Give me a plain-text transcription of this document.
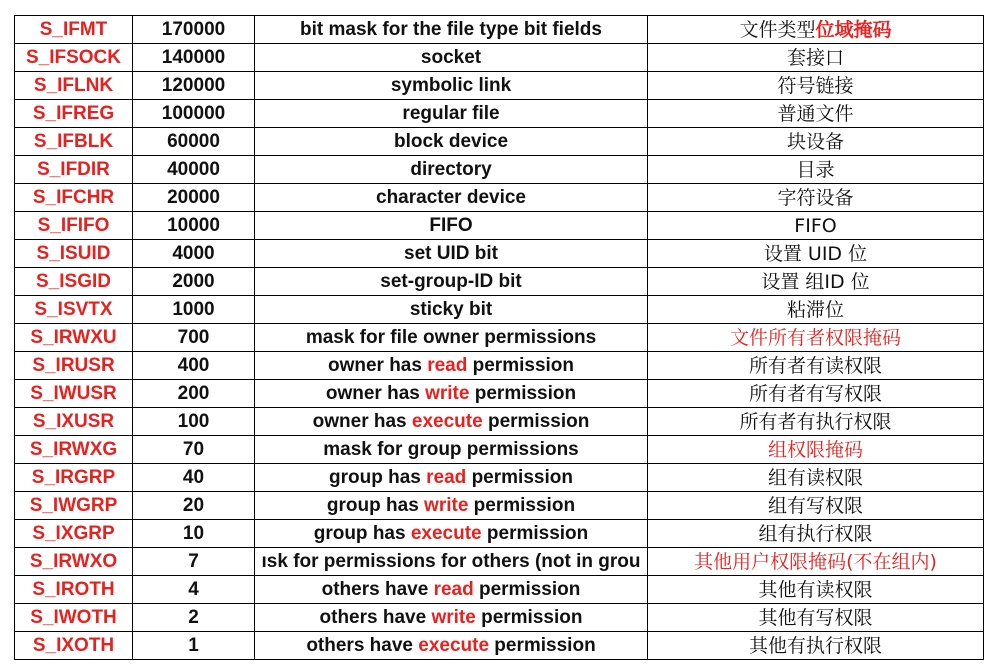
S_IFMT	170000	bit mask for the file type bit fields	文件类型位域掩码
S_IFSOCK	140000	socket	套接口
S_IFLNK	120000	symbolic link	符号链接
S_IFREG	100000	regular file	普通文件
S_IFBLK	60000	block device	块设备
S_IFDIR	40000	directory	目录
S_IFCHR	20000	character device	字符设备
S_IFIFO	10000	FIFO	FIFO
S_ISUID	4000	set UID bit	设置 UID 位
S_ISGID	2000	set-group-ID bit	设置 组ID 位
S_ISVTX	1000	sticky bit	粘滞位
S_IRWXU	700	mask for file owner permissions	文件所有者权限掩码
S_IRUSR	400	owner has read permission	所有者有读权限
S_IWUSR	200	owner has write permission	所有者有写权限
S_IXUSR	100	owner has execute permission	所有者有执行权限
S_IRWXG	70	mask for group permissions	组权限掩码
S_IRGRP	40	group has read permission	组有读权限
S_IWGRP	20	group has write permission	组有写权限
S_IXGRP	10	group has execute permission	组有执行权限
S_IRWXO	7	ısk for permissions for others (not in grou	其他用户权限掩码(不在组内)
S_IROTH	4	others have read permission	其他有读权限
S_IWOTH	2	others have write permission	其他有写权限
S_IXOTH	1	others have execute permission	其他有执行权限
